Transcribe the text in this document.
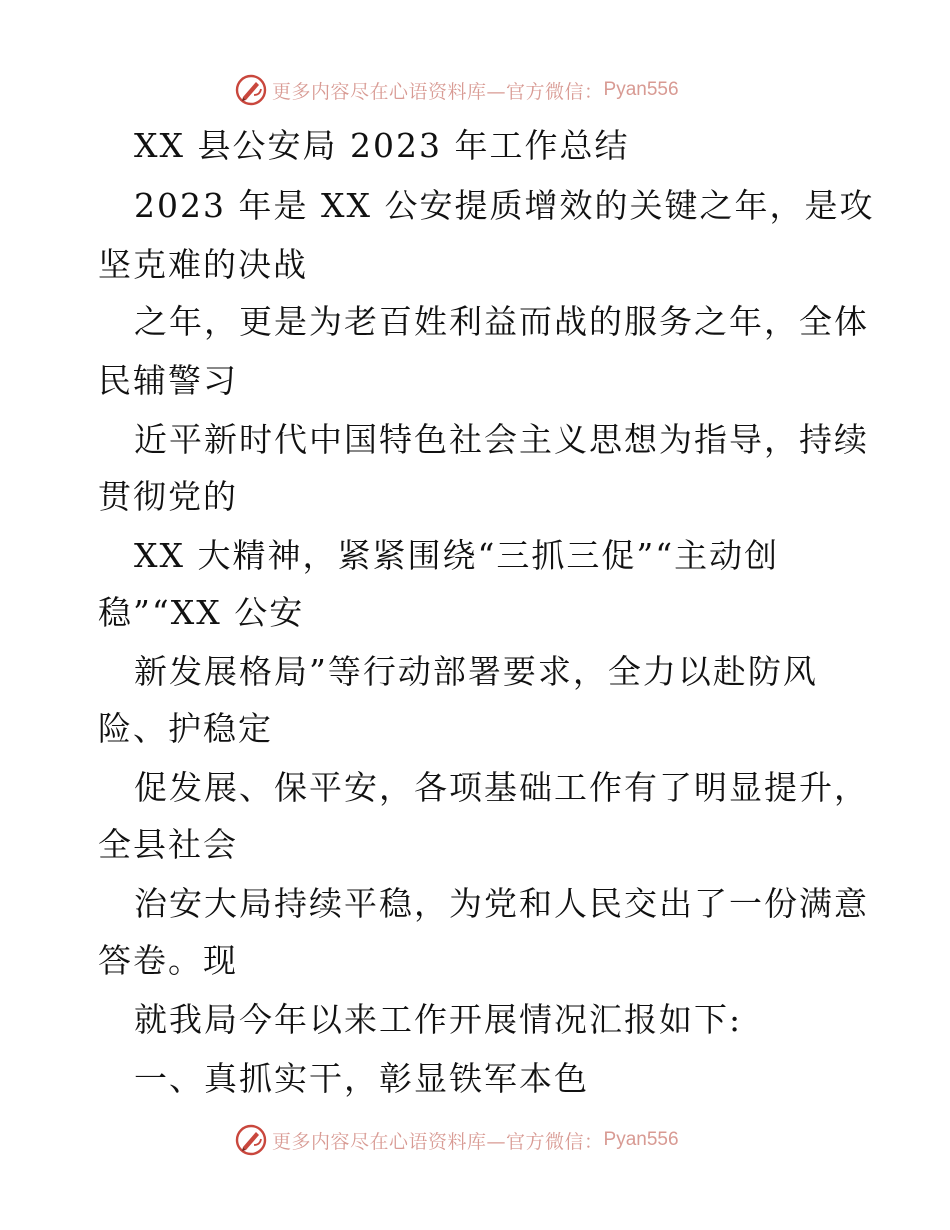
更多内容尽在心语资料库—官方微信： Pyan556
XX 县公安局 2023 年工作总结
2023 年是 XX 公安提质增效的关键之年，是攻
坚克难的决战
之年，更是为老百姓利益而战的服务之年，全体
民辅警习
近平新时代中国特色社会主义思想为指导，持续
贯彻党的
XX 大精神，紧紧围绕“三抓三促”“主动创
稳”“XX 公安
新发展格局”等行动部署要求，全力以赴防风
险、护稳定
促发展、保平安，各项基础工作有了明显提升，
全县社会
治安大局持续平稳，为党和人民交出了一份满意
答卷。现
就我局今年以来工作开展情况汇报如下:
一、真抓实干，彰显铁军本色
更多内容尽在心语资料库—官方微信： Pyan556
